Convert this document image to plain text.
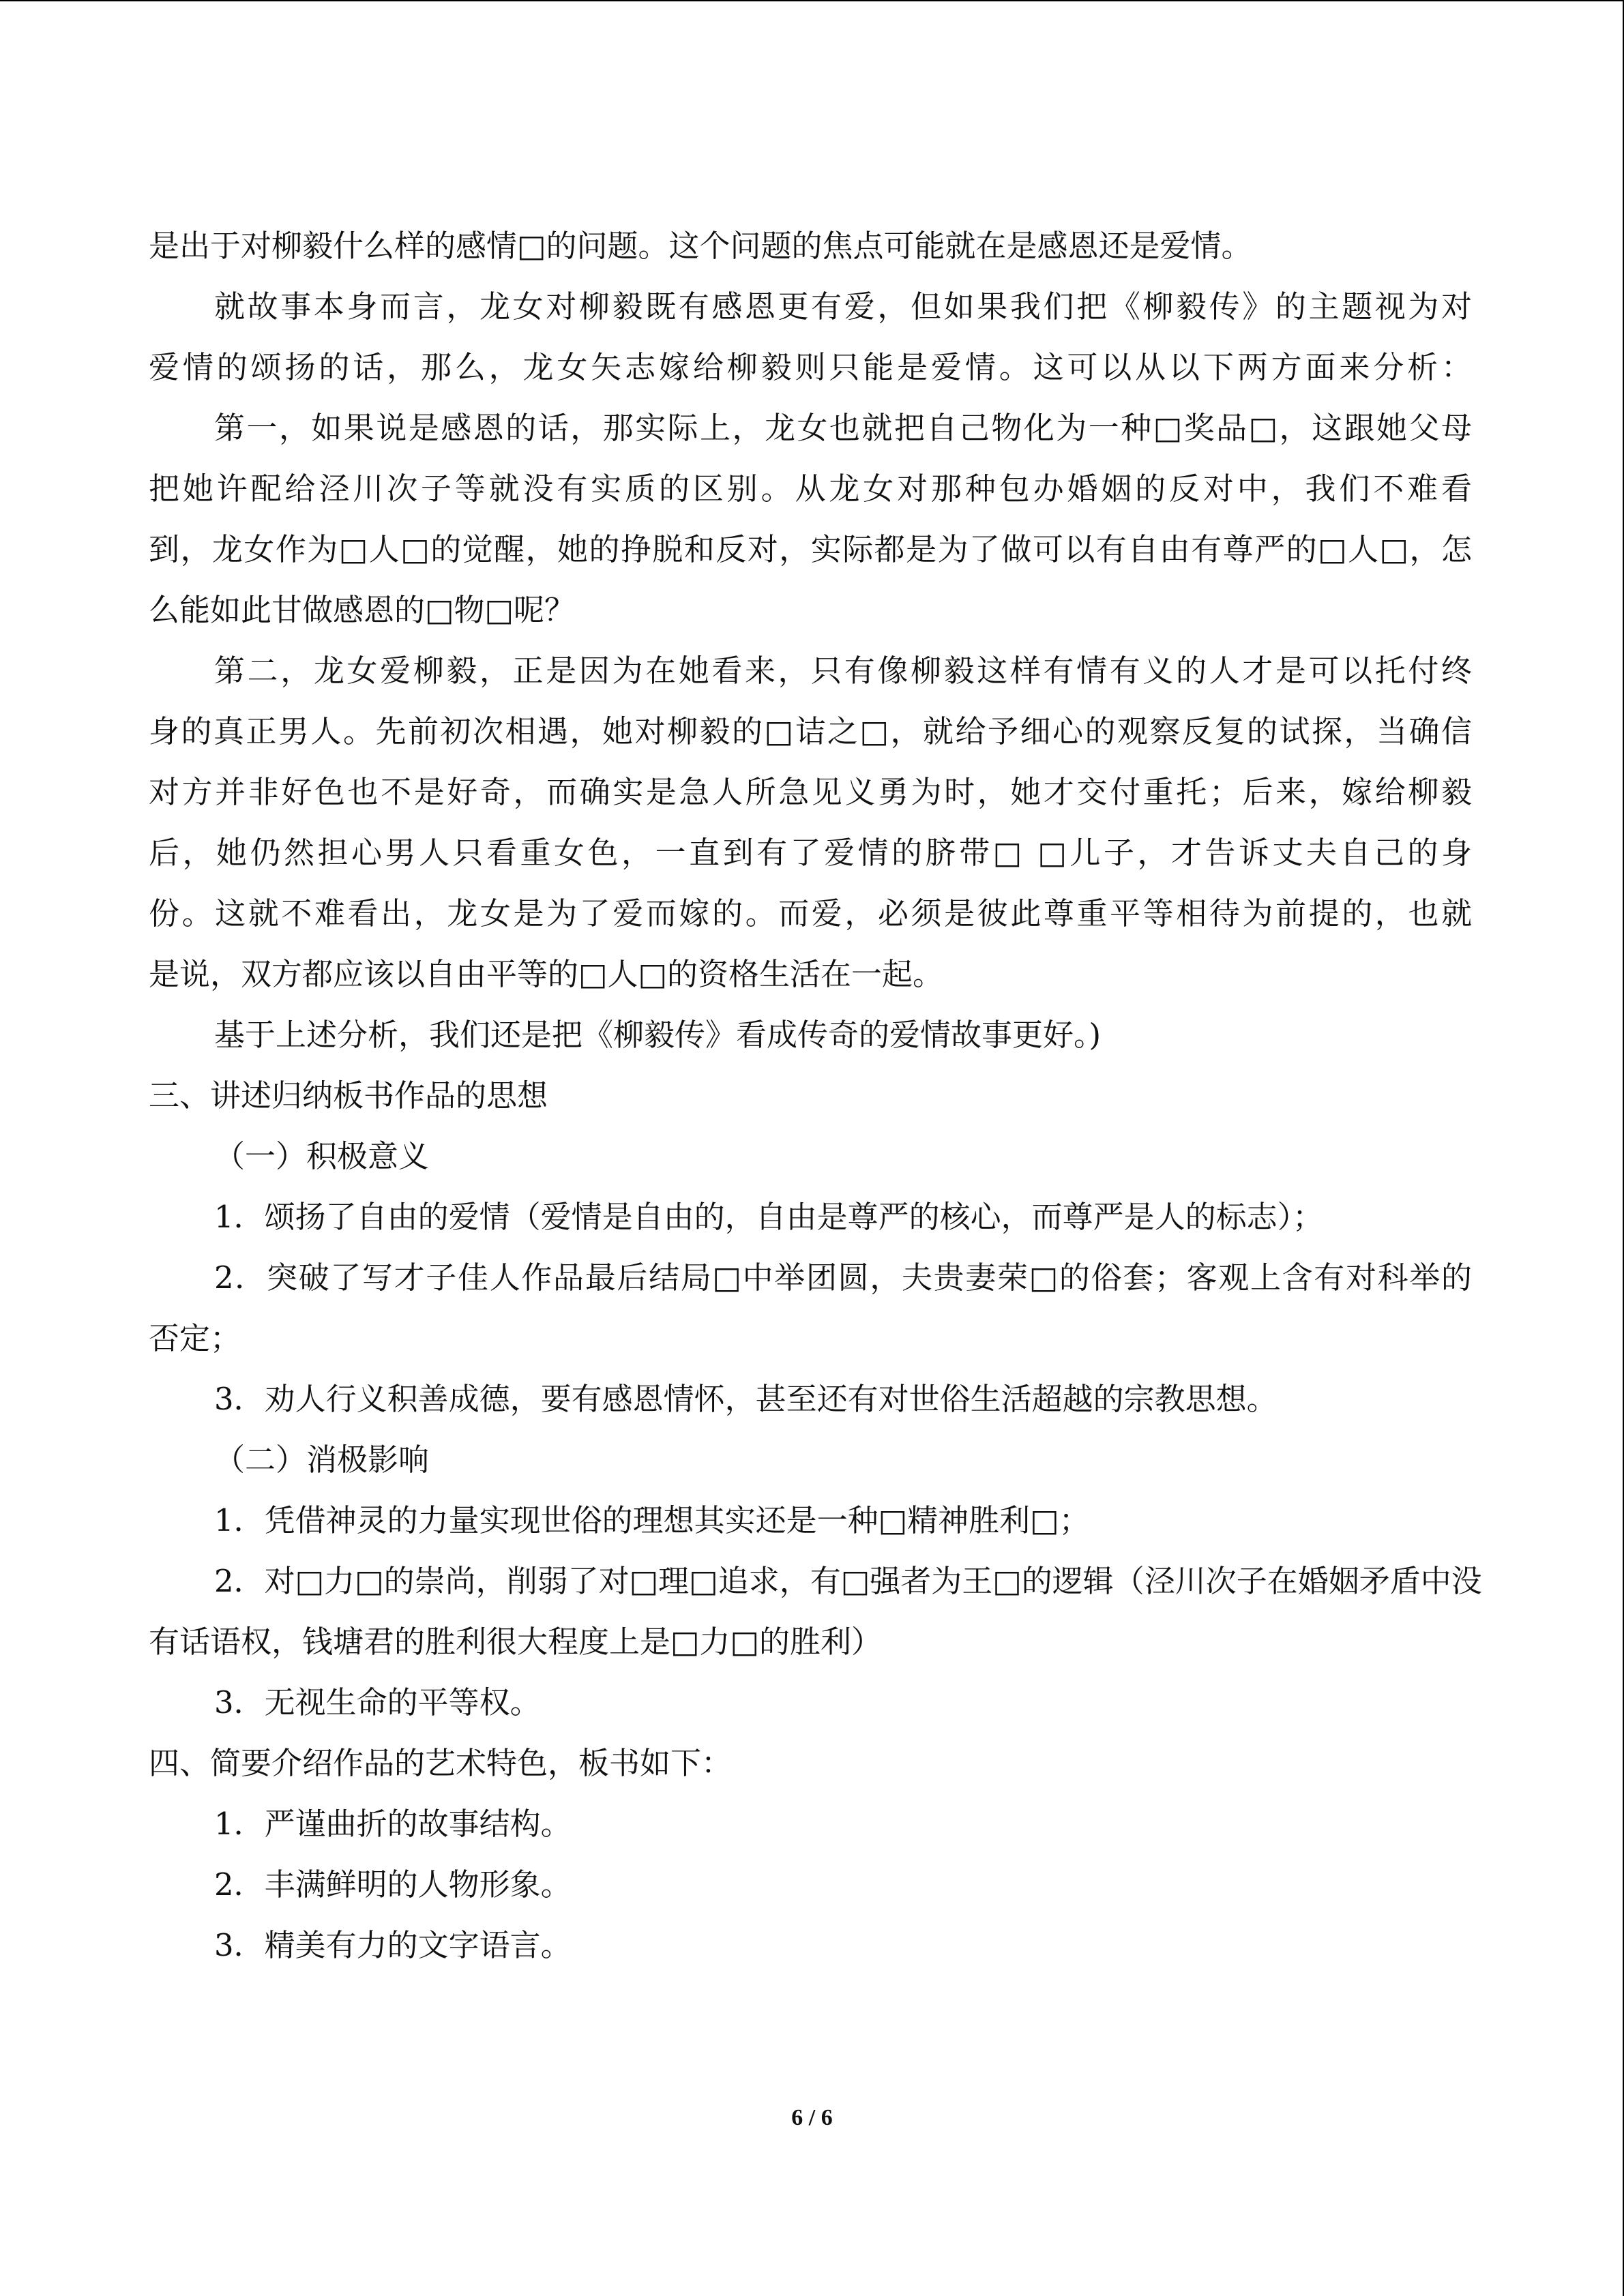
是出于对柳毅什么样的感情□的问题。这个问题的焦点可能就在是感恩还是爱情。
就故事本身而言，龙女对柳毅既有感恩更有爱，但如果我们把《柳毅传》的主题视为对
爱情的颂扬的话，那么，龙女矢志嫁给柳毅则只能是爱情。这可以从以下两方面来分析：
第一，如果说是感恩的话，那实际上，龙女也就把自己物化为一种□奖品□，这跟她父母
把她许配给泾川次子等就没有实质的区别。从龙女对那种包办婚姻的反对中，我们不难看
到，龙女作为□人□的觉醒，她的挣脱和反对，实际都是为了做可以有自由有尊严的□人□，怎
么能如此甘做感恩的□物□呢？
第二，龙女爱柳毅，正是因为在她看来，只有像柳毅这样有情有义的人才是可以托付终
身的真正男人。先前初次相遇，她对柳毅的□诘之□，就给予细心的观察反复的试探，当确信
对方并非好色也不是好奇，而确实是急人所急见义勇为时，她才交付重托；后来，嫁给柳毅
后，她仍然担心男人只看重女色，一直到有了爱情的脐带□ □儿子，才告诉丈夫自己的身
份。这就不难看出，龙女是为了爱而嫁的。而爱，必须是彼此尊重平等相待为前提的，也就
是说，双方都应该以自由平等的□人□的资格生活在一起。
基于上述分析，我们还是把《柳毅传》看成传奇的爱情故事更好。)
三、讲述归纳板书作品的思想
（一）积极意义
1．颂扬了自由的爱情（爱情是自由的，自由是尊严的核心，而尊严是人的标志）；
2．突破了写才子佳人作品最后结局□中举团圆，夫贵妻荣□的俗套；客观上含有对科举的
否定；
3．劝人行义积善成德，要有感恩情怀，甚至还有对世俗生活超越的宗教思想。
（二）消极影响
1．凭借神灵的力量实现世俗的理想其实还是一种□精神胜利□；
2．对□力□的崇尚，削弱了对□理□追求，有□强者为王□的逻辑（泾川次子在婚姻矛盾中没
有话语权，钱塘君的胜利很大程度上是□力□的胜利）
3．无视生命的平等权。
四、简要介绍作品的艺术特色，板书如下：
1．严谨曲折的故事结构。
2．丰满鲜明的人物形象。
3．精美有力的文字语言。
6 / 6
